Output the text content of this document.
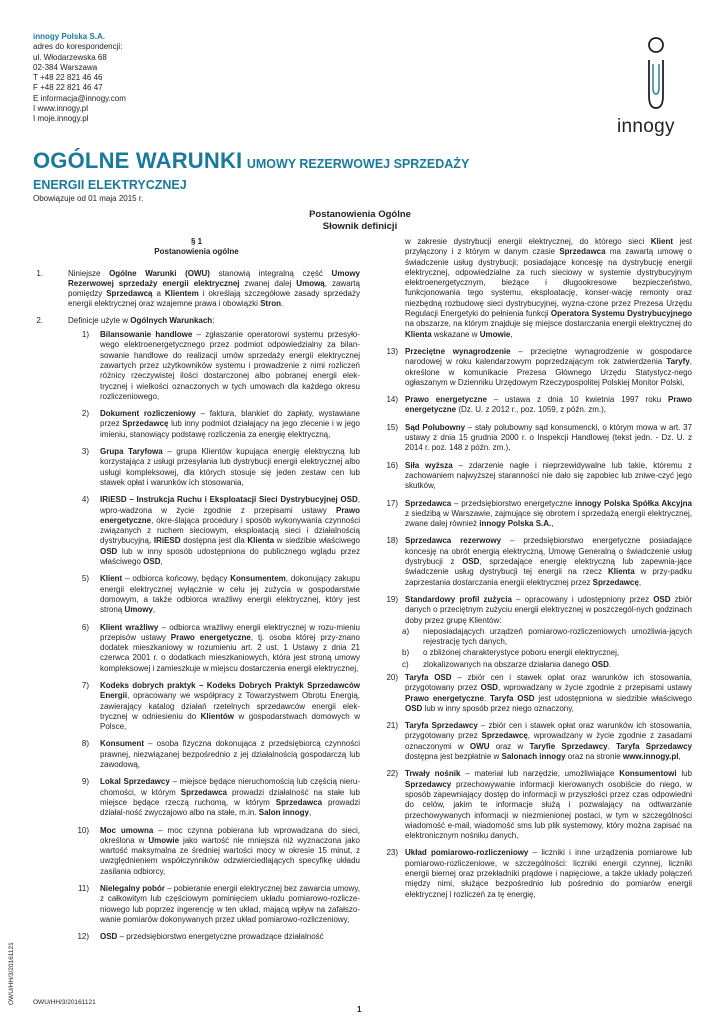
innogy Polska S.A.
adres do korespondencji:
ul. Włodarzewska 68
02-384 Warszawa
T +48 22 821 46 46
F +48 22 821 46 47
E informacja@innogy.com
I www.innogy.pl
I moje.innogy.pl	innogy
OGÓLNE WARUNKI UMOWY REZERWOWEJ SPRZEDAŻY
ENERGII ELEKTRYCZNEJ
Obowiązuje od 01 maja 2015 r.
Postanowienia Ogólne
Słownik definicji
§ 1
Postanowienia ogólne
1.	Niniejsze Ogólne Warunki (OWU) stanowią integralną część Umowy Rezerwowej sprzedaży energii elektrycznej zwanej dalej Umową, zawartą pomiędzy Sprzedawcą a Klientem i określają szczegółowe zasady sprzedaży energii elektrycznej oraz wzajemne prawa i obowiązki Stron.
2.	Definicje użyte w Ogólnych Warunkach:
1) Bilansowanie handlowe – zgłaszanie operatorowi systemu przesyło-wego elektroenergetycznego przez podmiot odpowiedzialny za bilan-sowanie handlowe do realizacji umów sprzedaży energii elektrycznej zawartych przez użytkowników systemu i prowadzenie z nimi rozliczeń różnicy rzeczywistej ilości dostarczonej albo pobranej energii elek-trycznej i wielkości oznaczonych w tych umowach dla każdego okresu rozliczeniowego,
2) Dokument rozliczeniowy – faktura, blankiet do zapłaty, wystawiane przez Sprzedawcę lub inny podmiot działający na jego zlecenie i w jego imieniu, stanowiący podstawę rozliczenia za energię elektryczną,
3) Grupa Taryfowa – grupa Klientów kupująca energię elektryczną lub korzystająca z usługi przesyłania lub dystrybucji energii elektrycznej albo usługi kompleksowej, dla których stosuje się jeden zestaw cen lub stawek opłat i warunków ich stosowania,
4) IRiESD – Instrukcja Ruchu i Eksploatacji Sieci Dystrybucyjnej OSD, wpro-wadzona w życie zgodnie z przepisami ustawy Prawo energetyczne, okre-ślająca procedury i sposób wykonywania czynności związanych z ruchem sieciowym, eksploatacją sieci i działalnością dystrybucyjną, IRiESD dostępna jest dla Klienta w siedzibie właściwego OSD lub w inny sposób udostępniona do publicznego wglądu przez właściwego OSD,
5) Klient – odbiorca końcowy, będący Konsumentem, dokonujący zakupu energii elektrycznej wyłącznie w celu jej zużycia w gospodarstwie domowym, a także odbiorca wrażliwy energii elektrycznej, który jest stroną Umowy,
6) Klient wrażliwy – odbiorca wrażliwy energii elektrycznej w rozu-mieniu przepisów ustawy Prawo energetyczne, tj. osoba której przy-znano dodatek mieszkaniowy w rozumieniu art. 2 ust. 1 Ustawy z dnia 21 czerwca 2001 r. o dodatkach mieszkaniowych, która jest stroną umowy kompleksowej i zamieszkuje w miejscu dostarczenia energii elektrycznej,
7) Kodeks dobrych praktyk – Kodeks Dobrych Praktyk Sprzedawców Energii, opracowany we współpracy z Towarzystwem Obrotu Energią, zawierający katalog działań rzetelnych sprzedawców energii elek-trycznej w odniesieniu do Klientów w gospodarstwach domowych w Polsce,
8) Konsument – osoba fizyczna dokonująca z przedsiębiorcą czynności prawnej, niezwiązanej bezpośrednio z jej działalnością gospodarczą lub zawodową,
9) Lokal Sprzedawcy – miejsce będące nieruchomością lub częścią nieru-chomości, w którym Sprzedawca prowadzi działalność na stałe lub miejsce będące rzeczą ruchomą, w którym Sprzedawca prowadzi działal-ność zwyczajowo albo na stałe, m.in. Salon innogy,
10) Moc umowna – moc czynna pobierana lub wprowadzana do sieci, określona w Umowie jako wartość nie mniejsza niż wyznaczona jako wartość maksymalna ze średniej wartości mocy w okresie 15 minut, z uwzględnieniem współczynników odzwierciedlających specyfikę układu zasilania odbiorcy,
11) Nielegalny pobór – pobieranie energii elektrycznej bez zawarcia umowy, z całkowitym lub częściowym pominięciem układu pomiarowo-rozlicze-niowego lub poprzez ingerencję w ten układ, mającą wpływ na zafałszo-wanie pomiarów dokonywanych przez układ pomiarowo-rozliczeniowy,
12) OSD – przedsiębiorstwo energetyczne prowadzące działalność
w zakresie dystrybucji energii elektrycznej, do którego sieci Klient jest przyłączony i z którym w danym czasie Sprzedawca ma zawartą umowę o świadczenie usług dystrybucji; posiadające koncesję na dystrybucję energii elektrycznej, odpowiedzialne za ruch sieciowy w systemie dystrybucyjnym elektroenergetycznym, bieżące i długookresowe bezpieczeństwo, funkcjonowania tego systemu, eksploatację, konser-wację remonty oraz niezbędną rozbudowę sieci dystrybucyjnej, wyzna-czone przez Prezesa Urzędu Regulacji Energetyki do pełnienia funkcji Operatora Systemu Dystrybucyjnego na obszarze, na którym znajduje się miejsce dostarczania energii elektrycznej do Klienta wskazane w Umowie,
13) Przeciętne wynagrodzenie – przeciętne wynagrodzenie w gospodarce narodowej w roku kalendarzowym poprzedzającym rok zatwierdzenia Taryfy, określone w komunikacie Prezesa Głównego Urzędu Statystycz-nego ogłaszanym w Dzienniku Urzędowym Rzeczypospolitej Polskiej Monitor Polski,
14) Prawo energetyczne – ustawa z dnia 10 kwietnia 1997 roku Prawo energetyczne (Dz. U. z 2012 r., poz. 1059, z późn. zm.),
15) Sąd Polubowny – stały polubowny sąd konsumencki, o którym mowa w art. 37 ustawy z dnia 15 grudnia 2000 r. o Inspekcji Handlowej (tekst jedn. - Dz. U. z 2014 r. poz. 148 z późn. zm.),
16) Siła wyższa – zdarzenie nagłe i nieprzewidywalne lub takie, któremu z zachowaniem najwyższej staranności nie dało się zapobiec lub zniwe-czyć jego skutków,
17) Sprzedawca – przedsiębiorstwo energetyczne innogy Polska Spółka Akcyjna z siedzibą w Warszawie, zajmujące się obrotem i sprzedażą energii elektrycznej, zwane dalej również innogy Polska S.A.,
18) Sprzedawca rezerwowy – przedsiębiorstwo energetyczne posiadające koncesję na obrót energią elektryczną, Umowę Generalną o świadczenie usług dystrybucji z OSD, sprzedające energię elektryczną lub zapewnia-jące świadczenie usług dystrybucji tej energii na rzecz Klienta w przy-padku zaprzestania dostarczania energii elektrycznej przez Sprzedawcę,
19) Standardowy profil zużycia – opracowany i udostępniony przez OSD zbiór danych o przeciętnym zużyciu energii elektrycznej w poszczegól-nych godzinach doby przez grupę Klientów:
a)	nieposiadających urządzeń pomiarowo-rozliczeniowych umożliwia-jących rejestrację tych danych,
b)	o zbliżonej charakterystyce poboru energii elektrycznej,
c)	zlokalizowanych na obszarze działania danego OSD.
20) Taryfa OSD – zbiór cen i stawek opłat oraz warunków ich stosowania, przygotowany przez OSD, wprowadzany w życie zgodnie z przepisami ustawy Prawo energetyczne. Taryfa OSD jest udostępniona w siedzibie właściwego OSD lub w inny sposób przez niego oznaczony,
21) Taryfa Sprzedawcy – zbiór cen i stawek opłat oraz warunków ich stosowania, przygotowany przez Sprzedawcę, wprowadzany w życie zgodnie z zasadami oznaczonymi w OWU oraz w Taryfie Sprzedawcy. Taryfa Sprzedawcy dostępna jest bezpłatnie w Salonach innogy oraz na stronie www.innogy.pl,
22) Trwały nośnik – materiał lub narzędzie, umożliwiające Konsumentowi lub Sprzedawcy przechowywanie informacji kierowanych osobiście do niego, w sposób zapewniający dostęp do informacji w przyszłości przez czas odpowiedni do celów, jakim te informacje służą i pozwalający na odtwarzanie przechowywanych informacji w niezmienionej postaci, w tym w szczególności wiadomość e-mail, wiadomość sms lub plik systemowy, który można zapisać na elektronicznym nośniku danych,
23) Układ pomiarowo-rozliczeniowy – liczniki i inne urządzenia pomiarowe lub pomiarowo-rozliczeniowe, w szczególności: liczniki energii czynnej, liczniki energii biernej oraz przekładniki prądowe i napięciowe, a także układy połączeń między nimi, służące bezpośrednio lub pośrednio do pomiarów energii elektrycznej i rozliczeń za tę energię,
OWU/HH/3/20161121
OWU/HH/3/20161121
1
